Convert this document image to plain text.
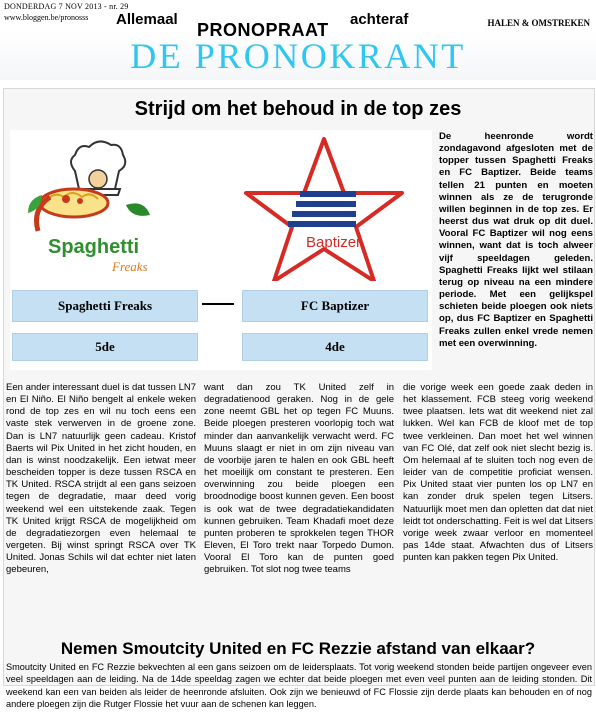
DONDERDAG 7 NOV 2013 - nr. 29
www.bloggen.be/pronosss Allemaal
PRONOPRAAT
achteraf	HALEN & OMSTREKEN
DE PRONOKRANT
Strijd om het behoud in de top zes
Spaghetti
Freaks
Baptizer
Spaghetti Freaks	FC Baptizer
5de	4de
De heenronde wordt zondagavond afgesloten met de topper tussen Spaghetti Freaks en FC Baptizer. Beide teams tellen 21 punten en moeten winnen als ze de terugronde willen beginnen in de top zes. Er heerst dus wat druk op dit duel. Vooral FC Baptizer wil nog eens winnen, want dat is toch alweer vijf speeldagen geleden. Spaghetti Freaks lijkt wel stilaan terug op niveau na een mindere periode. Met een gelijkspel schieten beide ploegen ook niets op, dus FC Baptizer en Spaghetti Freaks zullen enkel vrede nemen met een overwinning.
Een ander interessant duel is dat tussen LN7 en El Niño. El Niño bengelt al enkele weken rond de top zes en wil nu toch eens een vaste stek verwerven in de groene zone. Dan is LN7 natuurlijk geen cadeau. Kristof Baerts wil Pix United in het zicht houden, en dan is winst noodzakelijk. Een ietwat meer bescheiden topper is deze tussen RSCA en TK United. RSCA strijdt al een gans seizoen tegen de degradatie, maar deed vorig weekend wel een uitstekende zaak. Tegen TK United krijgt RSCA de mogelijkheid om de degradatiezorgen even helemaal te vergeten. Bij winst springt RSCA over TK United. Jonas Schils wil dat echter niet laten gebeuren,
want dan zou TK United zelf in degradatienood geraken. Nog in de gele zone neemt GBL het op tegen FC Muuns. Beide ploegen presteren voorlopig toch wat minder dan aanvankelijk verwacht werd. FC Muuns slaagt er niet in om zijn niveau van de voorbije jaren te halen en ook GBL heeft het moeilijk om constant te presteren. Een overwinning zou beide ploegen een broodnodige boost kunnen geven. Een boost is ook wat de twee degradatiekandidaten kunnen gebruiken. Team Khadafi moet deze punten proberen te sprokkelen tegen THOR Eleven, El Toro trekt naar Torpedo Dumon. Vooral El Toro kan de punten goed gebruiken. Tot slot nog twee teams
die vorige week een goede zaak deden in het klassement. FCB steeg vorig weekend twee plaatsen. Iets wat dit weekend niet zal lukken. Wel kan FCB de kloof met de top twee verkleinen. Dan moet het wel winnen van FC Olé, dat zelf ook niet slecht bezig is. Om helemaal af te sluiten toch nog even de leider van de competitie proficiat wensen. Pix United staat vier punten los op LN7 en kan zonder druk spelen tegen Litsers. Natuurlijk moet men dan opletten dat dat niet leidt tot onderschatting. Feit is wel dat Litsers vorige week zwaar verloor en momenteel pas 14de staat. Afwachten dus of Litsers punten kan pakken tegen Pix United.
Nemen Smoutcity United en FC Rezzie afstand van elkaar?
Smoutcity United en FC Rezzie bekvechten al een gans seizoen om de leidersplaats. Tot vorig weekend stonden beide partijen ongeveer even veel speeldagen aan de leiding. Na de 14de speeldag zagen we echter dat beide ploegen met even veel punten aan de leiding stonden. Dit weekend kan een van beiden als leider de heenronde afsluiten. Ook zijn we benieuwd of FC Flossie zijn derde plaats kan behouden en of nog andere ploegen zijn die Rutger Flossie het vuur aan de schenen kan leggen.
